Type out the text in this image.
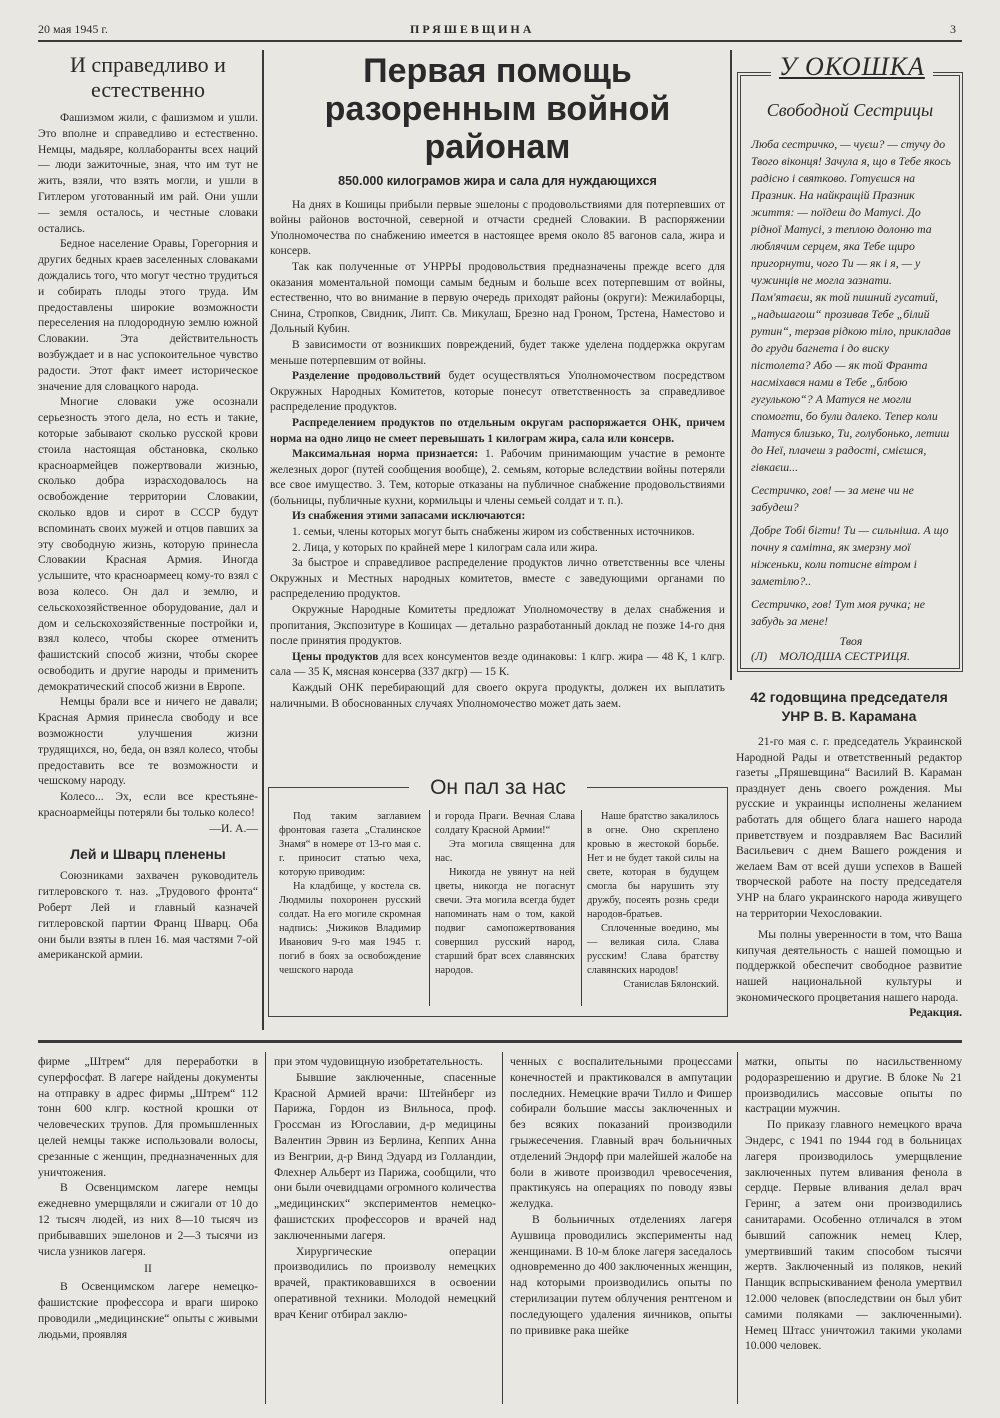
20 мая 1945 г.	ПРЯШЕВЩИНА	3
И справедливо и естественно

Фашизмом жили, с фашизмом и ушли. Это вполне и справедливо и естественно. Немцы, мадьяре, коллаборанты всех наций — люди зажиточные, зная, что им тут не жить, взяли, что взять могли, и ушли в Гитлером уготованный им рай. Они ушли — земля осталось, и честные словаки остались.

Бедное население Оравы, Горегорния и других бедных краев заселенных словаками дождались того, что могут честно трудиться и собирать плоды этого труда. Им предоставлены широкие возможности переселения на плодородную землю южной Словакии. Эта действительность возбуждает и в нас успокоительное чувство радости. Этот факт имеет историческое значение для словацкого народа.

Многие словаки уже осознали серьезность этого дела, но есть и такие, которые забывают сколько русской крови стоила настоящая обстановка, сколько красноармейцев пожертвовали жизнью, сколько добра израсходовалось на освобождение территории Словакии, сколько вдов и сирот в СССР будут вспоминать своих мужей и отцов павших за эту свободную жизнь, которую принесла Словакии Красная Армия. Иногда услышите, что красноармеец кому-то взял с воза колесо. Он дал и землю, и сельскохозяйственное оборудование, дал и дом и сельскохозяйственные постройки и, взял колесо, чтобы скорее отменить фашистский способ жизни, чтобы скорее освободить и другие народы и применить демократический способ жизни в Европе.

Немцы брали все и ничего не давали; Красная Армия принесла свободу и все возможности улучшения жизни трудящихся, но, беда, он взял колесо, чтобы предоставить все те возможности и чешскому народу.

Колесо... Эх, если все крестьяне-красноармейцы потеряли бы только колесо!

—И. А.—
Лей и Шварц пленены

Союзниками захвачен руководитель гитлеровского т. наз. „Трудового фронта“ Роберт Лей и главный казначей гитлеровской партии Франц Шварц. Оба они были взяты в плен 16. мая частями 7-ой американской армии.

Первая помощь разоренным войной районам
850.000 килограмов жира и сала для нуждающихся

На днях в Кошицы прибыли первые эшелоны с продовольствиями для потерпевших от войны районов восточной, северной и отчасти средней Словакии. В распоряжении Уполномочества по снабжению имеется в настоящее время около 85 вагонов сала, жира и консерв.

Так как полученные от УНРРЫ продовольствия предназначены прежде всего для оказания моментальной помощи самым бедным и больше всех потерпевшим от войны, естественно, что во внимание в первую очередь приходят районы (округи): Межилаборцы, Снина, Стропков, Свидник, Липт. Св. Микулаш, Брезно над Гроном, Трстена, Наместово и Дольный Кубин.

В зависимости от возникших повреждений, будет также уделена поддержка округам меньше потерпевшим от войны.

Разделение продовольствий будет осуществляться Уполномочеством посредством Окружных Народных Комитетов, которые понесут ответственность за справедливое распределение продуктов.

Распределением продуктов по отдельным округам распоряжается ОНК, причем норма на одно лицо не смеет перевышать 1 килограм жира, сала или консерв.

Максимальная норма признается: 1. Рабочим принимающим участие в ремонте железных дорог (путей сообщения вообще), 2. семьям, которые вследствии войны потеряли все свое имущество. 3. Тем, которые отказаны на публичное снабжение продовольствиями (больницы, публичные кухни, кормильцы и члены семьей солдат и т. п.).

Из снабжения этими запасами исключаются:

1. семьи, члены которых могут быть снабжены жиром из собственных источников.

2. Лица, у которых по крайней мере 1 килограм сала или жира.

За быстрое и справедливое распределение продуктов лично ответственны все члены Окружных и Местных народных комитетов, вместе с заведующими органами по распределению продуктов.

Окружные Народные Комитеты предложат Уполномочеству в делах снабжения и пропитания, Экспозитуре в Кошицах — детально разработанный доклад не позже 14-го дня после принятия продуктов.

Цены продуктов для всех консументов везде одинаковы: 1 клгр. жира — 48 К, 1 клгр. сала — 35 К, мясная консерва (337 дкгр) — 15 К.

Каждый ОНК перебирающий для своего округа продукты, должен их выплатить наличными. В обоснованных случаях Уполномочество может дать заем.

Он пал за нас

Под таким заглавием фронтовая газета „Сталинское Знамя“ в номере от 13-го мая с. г. приносит статью чеха, которую приводим:

На кладбище, у костела св. Людмилы похоронен русский солдат. На его могиле скромная надпись: „Чижиков Владимир Иванович 9-го мая 1945 г. погиб в боях за освобождение чешского народа

и города Праги. Вечная Слава солдату Красной Армии!“

Эта могила священна для нас.

Никогда не увянут на ней цветы, никогда не погаснут свечи. Эта могила всегда будет напоминать нам о том, какой подвиг самопожертвования совершил русский народ, старший брат всех славянских народов.

Наше братство закалилось в огне. Оно скреплено кровью в жестокой борьбе. Нет и не будет такой силы на свете, которая в будущем смогла бы нарушить эту дружбу, посеять рознь среди народов-братьев.

Сплоченные воедино, мы — великая сила. Слава русским! Слава братству славянских народов!

Станислав Бялонский.
У ОКОШКА
Свободной Сестрицы

Люба сестричко, — чуєш? — стучу до Твого віконця! Зачула я, що в Тебе якось радісно і святково. Готуєшся на Празник. На найкращій Празник життя: — поїдеш до Матусі. До рідної Матусі, з теплою долоню та люблячим серцем, яка Тебе щиро пригорнути, чого Ти — як і я, — у чужинців не могла зазнати. Пам'ятаєш, як той пишний гусатий, „надьшагош“ прозивав Тебе „білий рутин“, терзав рідкою тіло, прикладав до груди багнета і до виску пістолета? Або — як той Франта насміхався нами в Тебе „блбою гугулькою“? А Матуся не могли спомогти, бо були далеко. Тепер коли Матуся близько, Ти, голубонько, летиш до Неї, плачеш з радості, смієшся, гівкаєш...

Сестричко, гов! — за мене чи не забудеш?

Добре Тобі бігти! Ти — сильніша. А що почну я самітна, як змерзну мої ніженьки, коли потисне вітром і заметілю?..

Сестричко, гов! Тут моя ручка; не забудь за мене!

Твоя
(Л) МОЛОДША СЕСТРИЦЯ.
42 годовщина председателя УНР В. В. Карамана

21-го мая с. г. председатель Украинской Народной Рады и ответственный редактор газеты „Пряшевщина“ Василий В. Караман празднует день своего рождения. Мы русские и украинцы исполнены желанием работать для общего блага нашего народа приветствуем и поздравляем Вас Василий Васильевич с днем Вашего рождения и желаем Вам от всей души успехов в Вашей творческой работе на посту председателя УНР на благо украинского народа живущего на территории Чехословакии.

Мы полны уверенности в том, что Ваша кипучая деятельность с нашей помощью и поддержкой обеспечит свободное развитие нашей национальной культуры и экономического процветания нашего народа.

Редакция.

фирме „Штрем“ для переработки в суперфосфат. В лагере найдены документы на отправку в адрес фирмы „Штрем“ 112 тонн 600 клгр. костной крошки от человеческих трупов. Для промышленных целей немцы также использовали волосы, срезанные с женщин, предназначенных для уничтожения.

В Освенцимском лагере немцы ежедневно умерщвляли и сжигали от 10 до 12 тысяч людей, из них 8—10 тысяч из прибывавших эшелонов и 2—3 тысячи из числа узников лагеря.

II

В Освенцимском лагере немецко-фашистские профессора и враги широко проводили „медицинские“ опыты с живыми людьми, проявляя

при этом чудовищную изобретательность.

Бывшие заключенные, спасенные Красной Армией врачи: Штейнберг из Парижа, Гордон из Вильноса, проф. Гроссман из Югославии, д-р медицины Валентин Эрвин из Берлина, Кеппих Анна из Венгрии, д-р Винд Эдуард из Голландии, Флехнер Альберт из Парижа, сообщили, что они были очевидцами огромного количества „медицинских“ экспериментов немецко-фашистских профессоров и врачей над заключенными лагеря.

Хирургические операции производились по произволу немецких врачей, практиковавшихся в освоении оперативной техники. Молодой немецкий врач Кениг отбирал заклю-

ченных с воспалительными процессами конечностей и практиковался в ампутации последних. Немецкие врачи Тилло и Фишер собирали большие массы заключенных и без всяких показаний производили грыжесечения. Главный врач больничных отделений Эндорф при малейшей жалобе на боли в животе производил чревосечения, практикуясь на операциях по поводу язвы желудка.

В больничных отделениях лагеря Аушвица проводились эксперименты над женщинами. В 10-м блоке лагеря заседалось одновременно до 400 заключенных женщин, над которыми производились опыты по стерилизации путем облучения рентгеном и последующего удаления яичников, опыты по прививке рака шейке

матки, опыты по насильственному родоразрешению и другие. В блоке № 21 производились массовые опыты по кастрации мужчин.

По приказу главного немецкого врача Эндерс, с 1941 по 1944 год в больницах лагеря производилось умерщвление заключенных путем вливания фенола в сердце. Первые вливания делал врач Геринг, а затем они производились санитарами. Особенно отличался в этом бывший сапожник немец Клер, умертвивший таким способом тысячи жертв. Заключенный из поляков, некий Панщик вспрыскиванием фенола умертвил 12.000 человек (впоследствии он был убит самими поляками — заключенными). Немец Штасс уничтожил такими уколами 10.000 человек.
